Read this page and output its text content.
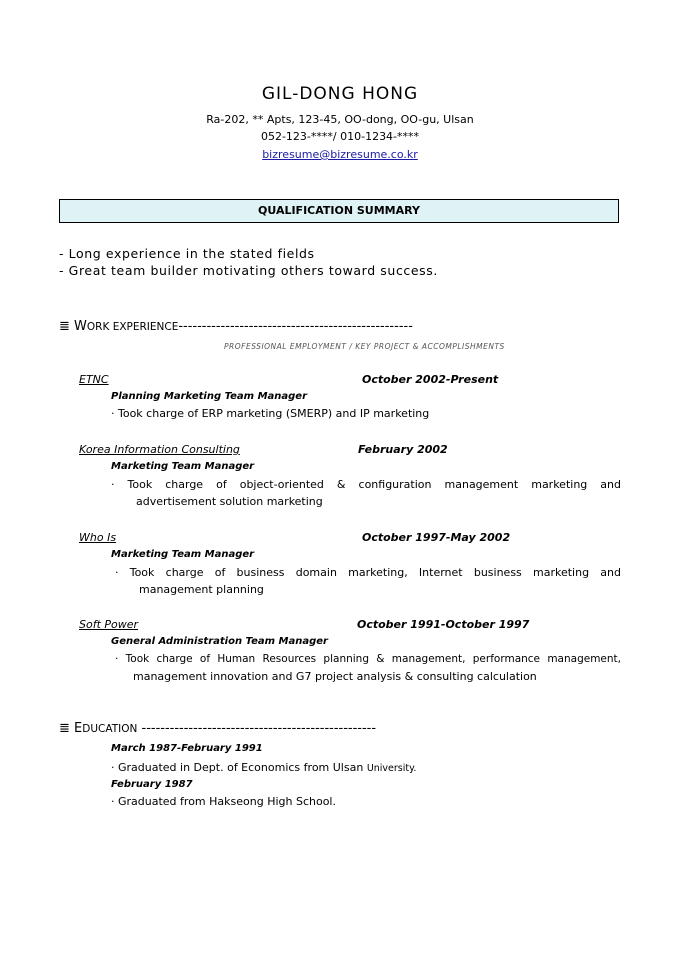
GIL-DONG HONG
Ra-202, ** Apts, 123-45, OO-dong, OO-gu, Ulsan
052-123-****/ 010-1234-****
bizresume@bizresume.co.kr
QUALIFICATION SUMMARY
- Long experience in the stated fields
- Great team builder motivating others toward success.
≣ WORK EXPERIENCE--------------------------------------------------
PROFESSIONAL EMPLOYMENT / KEY PROJECT & ACCOMPLISHMENTS
ETNC	October 2002-Present
Planning Marketing Team Manager
· Took charge of ERP marketing (SMERP) and IP marketing
Korea Information Consulting	February 2002
Marketing Team Manager
· Took charge of object-oriented & configuration management marketing and
advertisement solution marketing
Who Is	October 1997-May 2002
Marketing Team Manager
· Took charge of business domain marketing, Internet business marketing and
management planning
Soft Power	October 1991-October 1997
General Administration Team Manager
· Took charge of Human Resources planning & management, performance management,
management innovation and G7 project analysis & consulting calculation
≣ EDUCATION --------------------------------------------------
March 1987-February 1991
· Graduated in Dept. of Economics from Ulsan University.
February 1987
· Graduated from Hakseong High School.
